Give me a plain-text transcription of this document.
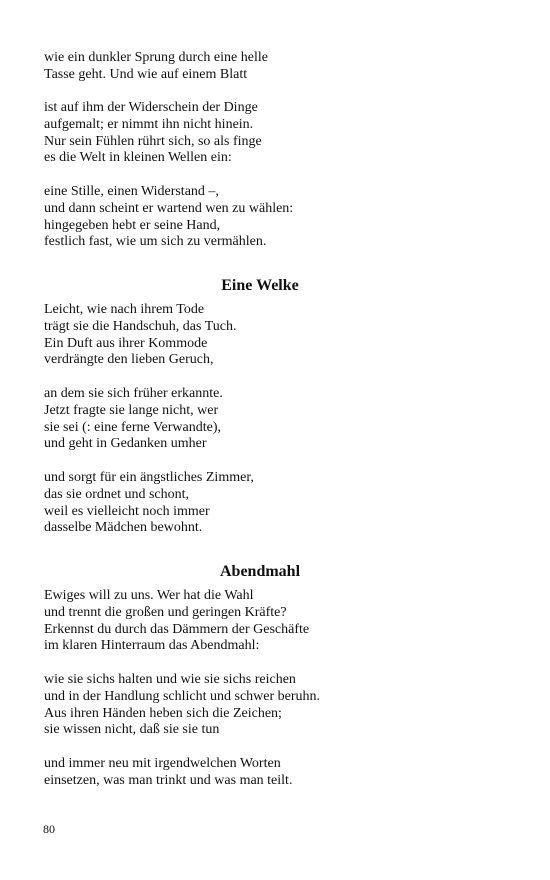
wie ein dunkler Sprung durch eine helle
Tasse geht. Und wie auf einem Blatt
ist auf ihm der Widerschein der Dinge
aufgemalt; er nimmt ihn nicht hinein.
Nur sein Fühlen rührt sich, so als finge
es die Welt in kleinen Wellen ein:
eine Stille, einen Widerstand –,
und dann scheint er wartend wen zu wählen:
hingegeben hebt er seine Hand,
festlich fast, wie um sich zu vermählen.
Eine Welke
Leicht, wie nach ihrem Tode
trägt sie die Handschuh, das Tuch.
Ein Duft aus ihrer Kommode
verdrängte den lieben Geruch,
an dem sie sich früher erkannte.
Jetzt fragte sie lange nicht, wer
sie sei (: eine ferne Verwandte),
und geht in Gedanken umher
und sorgt für ein ängstliches Zimmer,
das sie ordnet und schont,
weil es vielleicht noch immer
dasselbe Mädchen bewohnt.
Abendmahl
Ewiges will zu uns. Wer hat die Wahl
und trennt die großen und geringen Kräfte?
Erkennst du durch das Dämmern der Geschäfte
im klaren Hinterraum das Abendmahl:
wie sie sichs halten und wie sie sichs reichen
und in der Handlung schlicht und schwer beruhn.
Aus ihren Händen heben sich die Zeichen;
sie wissen nicht, daß sie sie tun
und immer neu mit irgendwelchen Worten
einsetzen, was man trinkt und was man teilt.
80
